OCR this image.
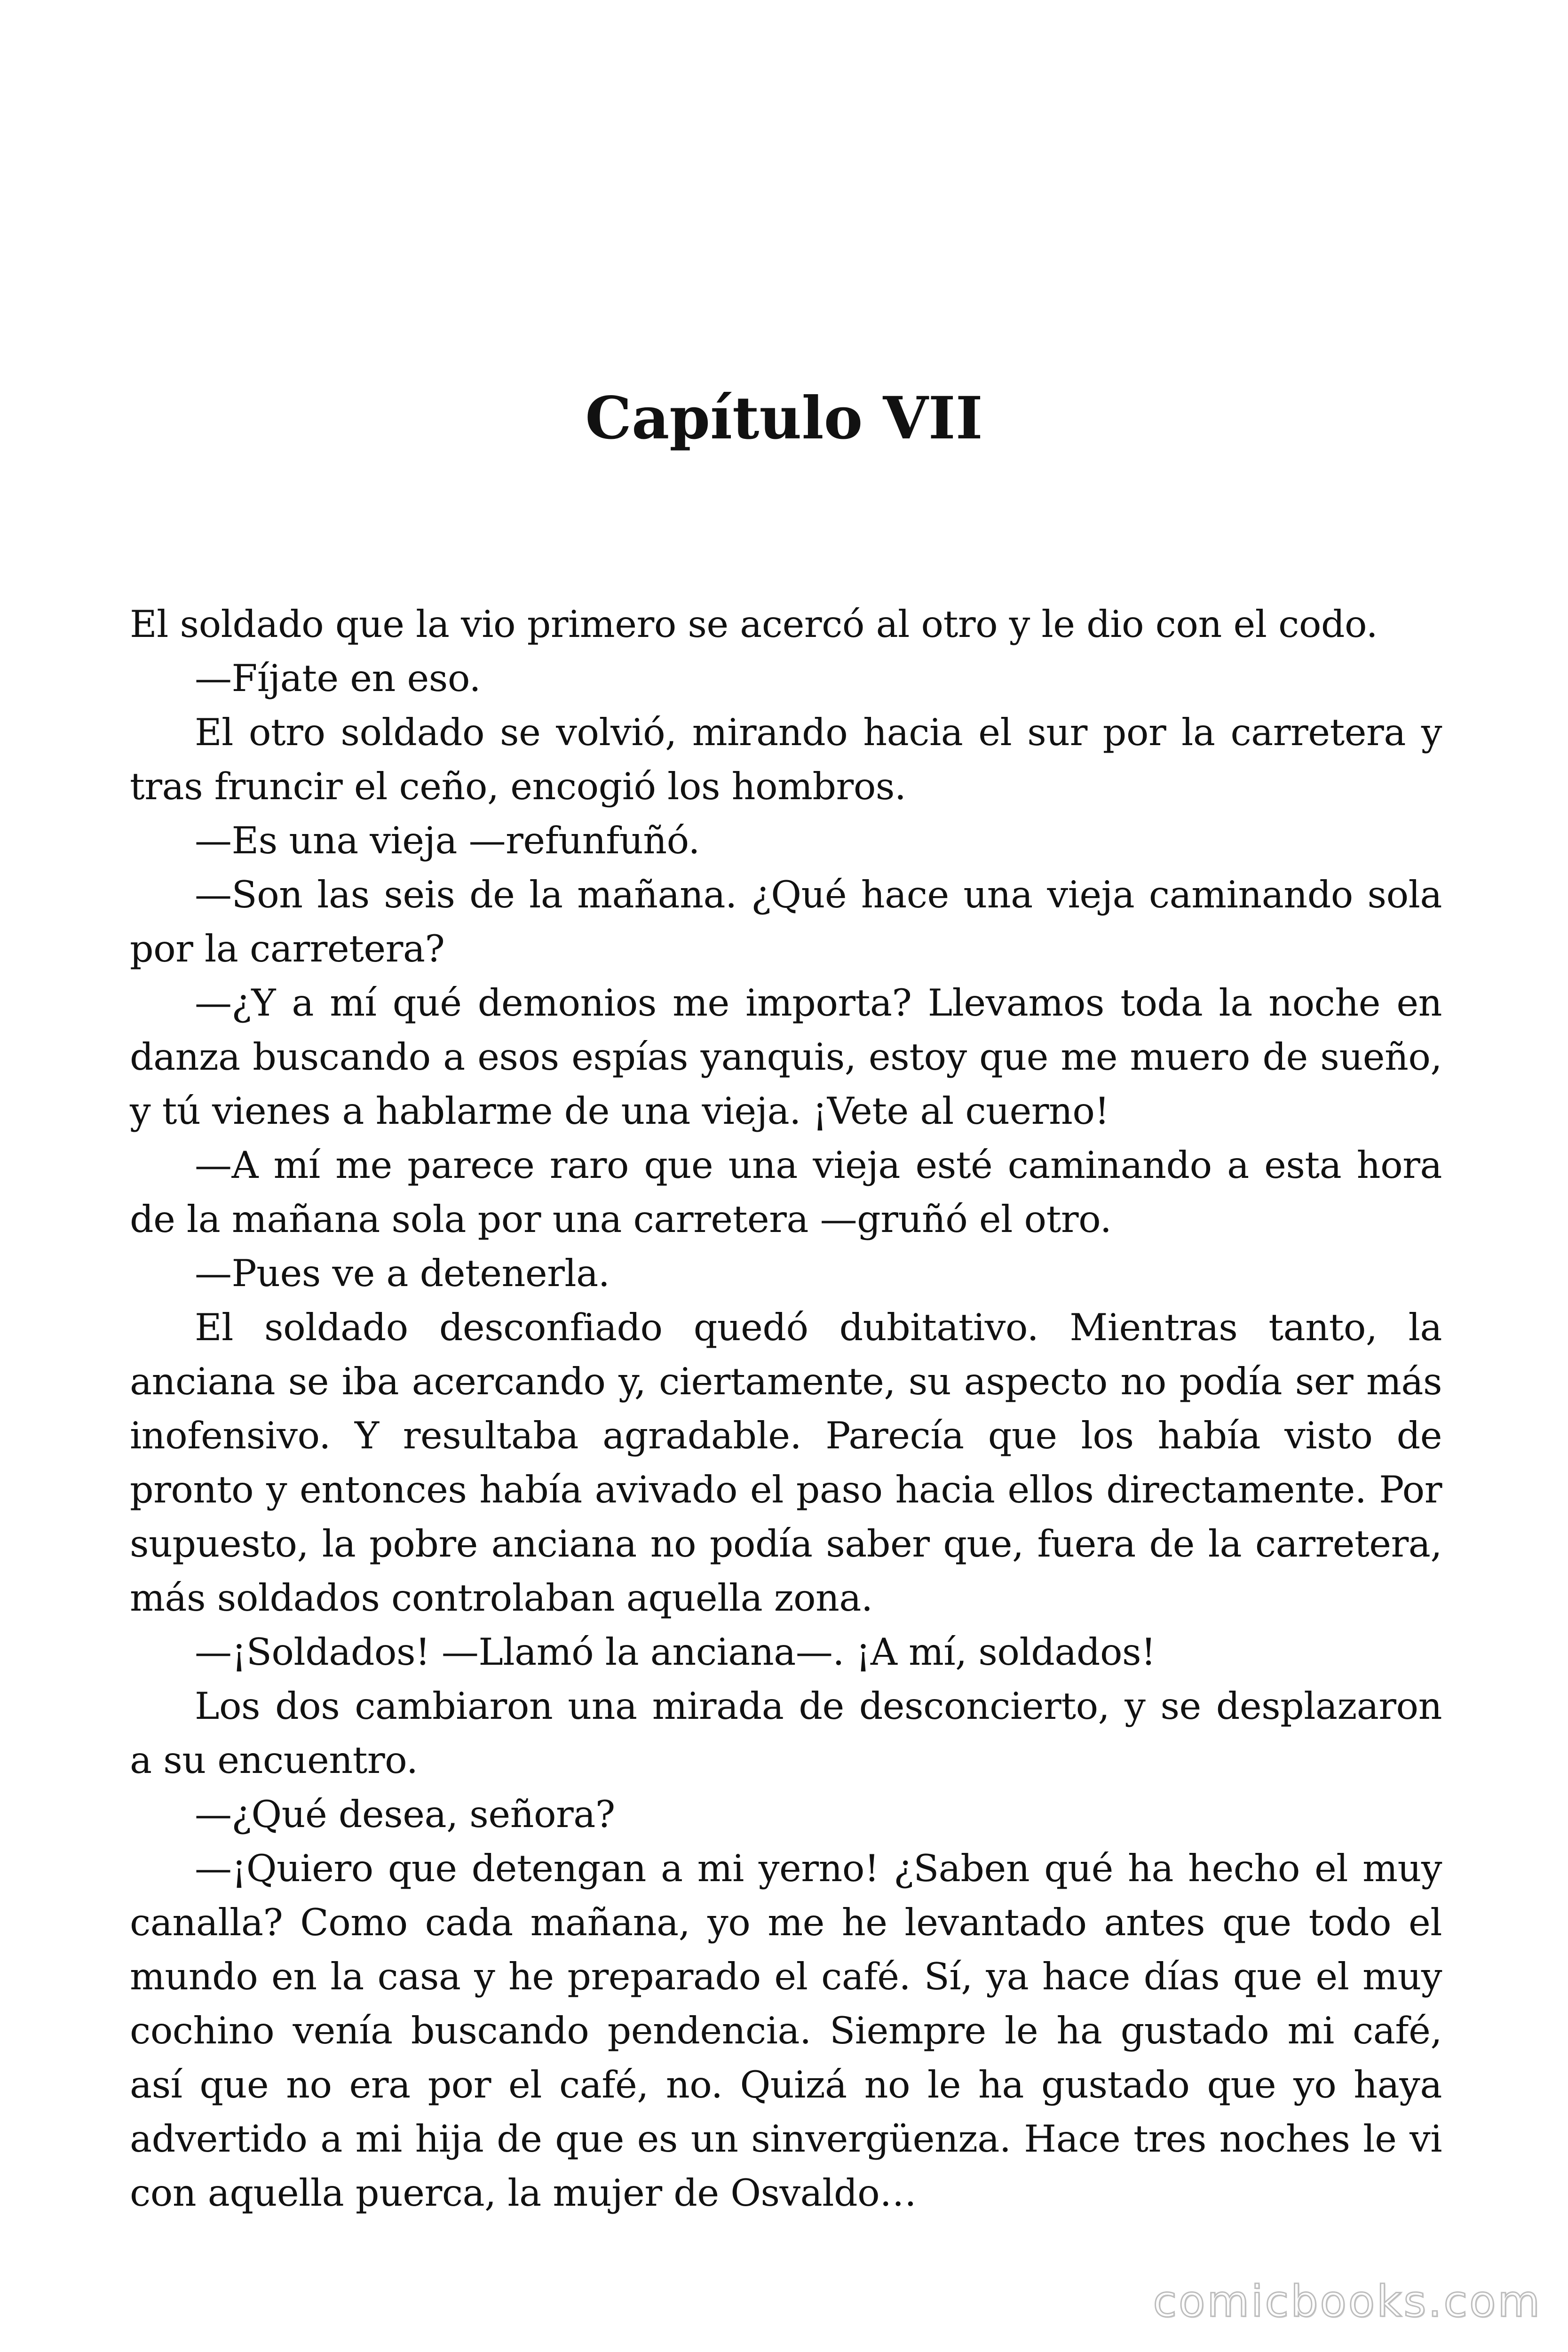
Capítulo VII

El soldado que la vio primero se acercó al otro y le dio con el codo.

—Fíjate en eso.

El otro soldado se volvió, mirando hacia el sur por la carretera y tras fruncir el ceño, encogió los hombros.

—Es una vieja —refunfuñó.

—Son las seis de la mañana. ¿Qué hace una vieja caminando sola por la carretera?

—¿Y a mí qué demonios me importa? Llevamos toda la noche en danza buscando a esos espías yanquis, estoy que me muero de sueño, y tú vienes a hablarme de una vieja. ¡Vete al cuerno!

—A mí me parece raro que una vieja esté caminando a esta hora de la mañana sola por una carretera —gruñó el otro.

—Pues ve a detenerla.

El soldado desconfiado quedó dubitativo. Mientras tanto, la anciana se iba acercando y, ciertamente, su aspecto no podía ser más inofensivo. Y resultaba agradable. Parecía que los había visto de pronto y entonces había avivado el paso hacia ellos directamente. Por supuesto, la pobre anciana no podía saber que, fuera de la carretera, más soldados controlaban aquella zona.

—¡Soldados! —Llamó la anciana—. ¡A mí, soldados!

Los dos cambiaron una mirada de desconcierto, y se desplazaron a su encuentro.

—¿Qué desea, señora?

—¡Quiero que detengan a mi yerno! ¿Saben qué ha hecho el muy canalla? Como cada mañana, yo me he levantado antes que todo el mundo en la casa y he preparado el café. Sí, ya hace días que el muy cochino venía buscando pendencia. Siempre le ha gustado mi café, así que no era por el café, no. Quizá no le ha gustado que yo haya advertido a mi hija de que es un sinvergüenza. Hace tres noches le vi con aquella puerca, la mujer de Osvaldo…

comicbooks.com
